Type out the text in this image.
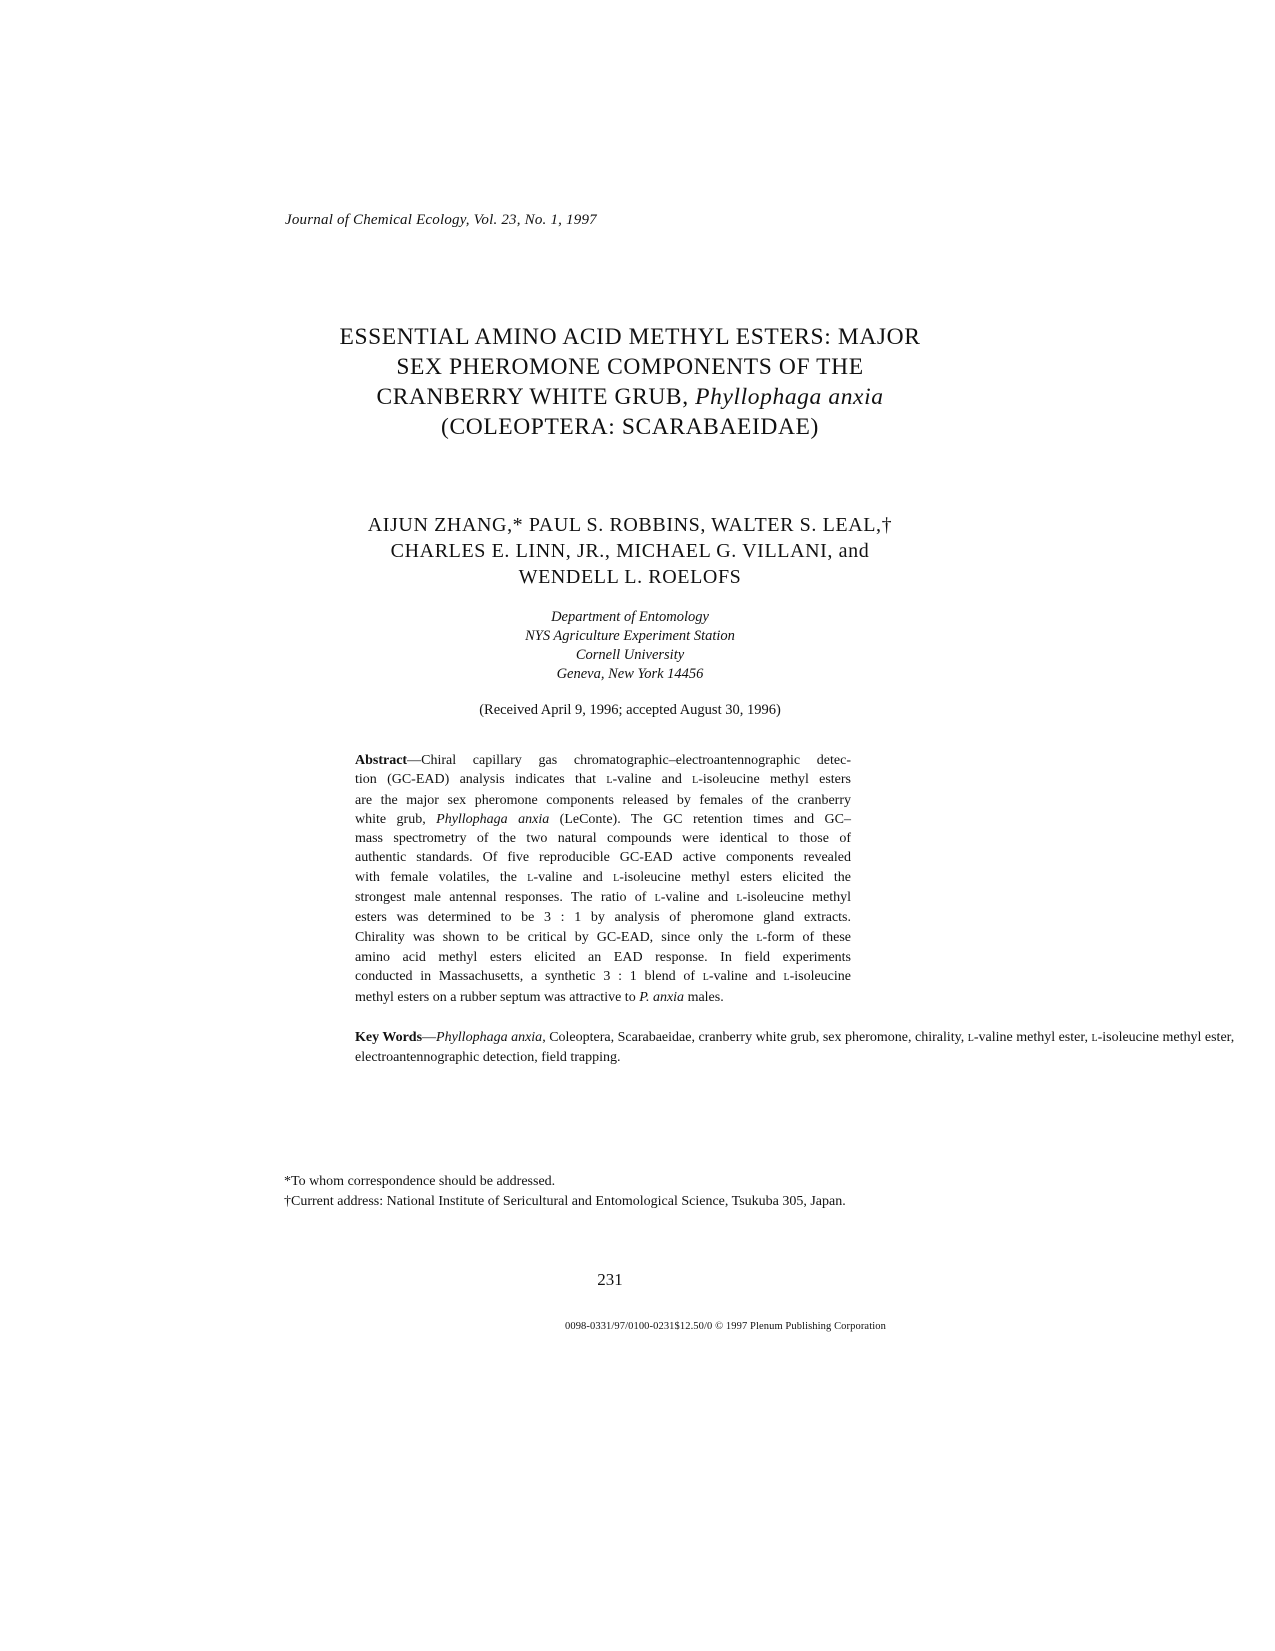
Journal of Chemical Ecology, Vol. 23, No. 1, 1997
ESSENTIAL AMINO ACID METHYL ESTERS: MAJOR
SEX PHEROMONE COMPONENTS OF THE
CRANBERRY WHITE GRUB, Phyllophaga anxia
(COLEOPTERA: SCARABAEIDAE)
AIJUN ZHANG,* PAUL S. ROBBINS, WALTER S. LEAL,†
CHARLES E. LINN, JR., MICHAEL G. VILLANI, and
WENDELL L. ROELOFS
Department of Entomology
NYS Agriculture Experiment Station
Cornell University
Geneva, New York 14456
(Received April 9, 1996; accepted August 30, 1996)
Abstract—Chiral capillary gas chromatographic–electroantennographic detec-
tion (GC-EAD) analysis indicates that L-valine and L-isoleucine methyl esters
are the major sex pheromone components released by females of the cranberry
white grub, Phyllophaga anxia (LeConte). The GC retention times and GC–
mass spectrometry of the two natural compounds were identical to those of
authentic standards. Of five reproducible GC-EAD active components revealed
with female volatiles, the L-valine and L-isoleucine methyl esters elicited the
strongest male antennal responses. The ratio of L-valine and L-isoleucine methyl
esters was determined to be 3 : 1 by analysis of pheromone gland extracts.
Chirality was shown to be critical by GC-EAD, since only the L-form of these
amino acid methyl esters elicited an EAD response. In field experiments
conducted in Massachusetts, a synthetic 3 : 1 blend of L-valine and L-isoleucine
methyl esters on a rubber septum was attractive to P. anxia males.
Key Words—Phyllophaga anxia, Coleoptera, Scarabaeidae, cranberry white grub, sex pheromone, chirality, L-valine methyl ester, L-isoleucine methyl ester, electroantennographic detection, field trapping.
*To whom correspondence should be addressed.
†Current address: National Institute of Sericultural and Entomological Science, Tsukuba 305, Japan.
231
0098-0331/97/0100-0231$12.50/0 © 1997 Plenum Publishing Corporation
